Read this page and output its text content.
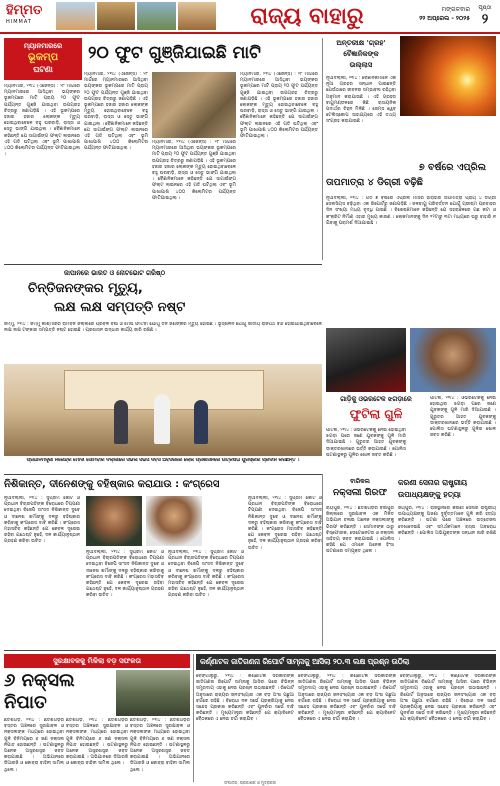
ହିମ୍ମତ
HIMMAT	ରାଜ୍ୟ ବାହାରୁ	ମଙ୍ଗଳବାର
୨୨ ଅପ୍ରେଲ - ୨୦୨୫
ପୃଷ୍ଠା
୨
ମ୍ୟାନମାରରେ
ଭୂକମ୍ପ
ଘଟଣା
୨୦ ଫୁଟ ଗୁଞ୍ଜିଯାଇଛି ମାଟି
ମ୍ୟାନମାର, ୨୧ା୪ (ଏଜେନ୍ସି) : ୨୮ ମାର୍ଚ୍ଚରେ ମ୍ୟାନମାରରେ ଆସିଥିବା ଭୟଙ୍କର ଭୂକମ୍ପରେ ମାଟି ପ୍ରାୟ ୨୦ ଫୁଟ ପର୍ଯ୍ୟନ୍ତ ଗୁଞ୍ଜି ଯାଇଥିବା ଉପଗ୍ରହ ଚିତ୍ରରୁ ଜଣାପଡ଼ିଛି । ଏହି ଭୂକମ୍ପରେ ହଜାର ହଜାର ଲୋକଙ୍କ ମୃତ୍ୟୁ ହୋଇଥିବାବେଳେ ବହୁ ଘରବାଡ଼ି, ରାସ୍ତା ଓ ସେତୁ ଭାଙ୍ଗି ଯାଇଥିଲା । ବୈଜ୍ଞାନିକମାନେ କହିଛନ୍ତି ଯେ ସାଗାଇଁଙ୍ଗ ଫଲ୍ଟ ଲାଇନରେ ଏହି ଗତି ଘଟିଥିଲା ଏବଂ ଭୂମି ପାଖାପାଖି ୪୦୦ କିଲୋମିଟର ପର୍ଯ୍ୟନ୍ତ ଫାଟିଯାଇଥିଲା ।
ମ୍ୟାନମାର, ୨୧ା୪ (ଏଜେନ୍ସି) : ୨୮ ମାର୍ଚ୍ଚରେ ମ୍ୟାନମାରରେ ଆସିଥିବା ଭୟଙ୍କର ଭୂକମ୍ପରେ ମାଟି ପ୍ରାୟ ୨୦ ଫୁଟ ପର୍ଯ୍ୟନ୍ତ ଗୁଞ୍ଜି ଯାଇଥିବା ଉପଗ୍ରହ ଚିତ୍ରରୁ ଜଣାପଡ଼ିଛି । ଏହି ଭୂକମ୍ପରେ ହଜାର ହଜାର ଲୋକଙ୍କ ମୃତ୍ୟୁ ହୋଇଥିବାବେଳେ ବହୁ ଘରବାଡ଼ି, ରାସ୍ତା ଓ ସେତୁ ଭାଙ୍ଗି ଯାଇଥିଲା । ବୈଜ୍ଞାନିକମାନେ କହିଛନ୍ତି ଯେ ସାଗାଇଁଙ୍ଗ ଫଲ୍ଟ ଲାଇନରେ ଏହି ଗତି ଘଟିଥିଲା ଏବଂ ଭୂମି ପାଖାପାଖି ୪୦୦ କିଲୋମିଟର ପର୍ଯ୍ୟନ୍ତ ଫାଟିଯାଇଥିଲା ।
ମ୍ୟାନମାର, ୨୧ା୪ (ଏଜେନ୍ସି) : ୨୮ ମାର୍ଚ୍ଚରେ ମ୍ୟାନମାରରେ ଆସିଥିବା ଭୟଙ୍କର ଭୂକମ୍ପରେ ମାଟି ପ୍ରାୟ ୨୦ ଫୁଟ ପର୍ଯ୍ୟନ୍ତ ଗୁଞ୍ଜି ଯାଇଥିବା ଉପଗ୍ରହ ଚିତ୍ରରୁ ଜଣାପଡ଼ିଛି । ଏହି ଭୂକମ୍ପରେ ହଜାର ହଜାର ଲୋକଙ୍କ ମୃତ୍ୟୁ ହୋଇଥିବାବେଳେ ବହୁ ଘରବାଡ଼ି, ରାସ୍ତା ଓ ସେତୁ ଭାଙ୍ଗି ଯାଇଥିଲା । ବୈଜ୍ଞାନିକମାନେ କହିଛନ୍ତି ଯେ ସାଗାଇଁଙ୍ଗ ଫଲ୍ଟ ଲାଇନରେ ଏହି ଗତି ଘଟିଥିଲା ଏବଂ ଭୂମି ପାଖାପାଖି ୪୦୦ କିଲୋମିଟର ପର୍ଯ୍ୟନ୍ତ ଫାଟିଯାଇଥିଲା ।
ମ୍ୟାନମାର, ୨୧ା୪ (ଏଜେନ୍ସି) : ୨୮ ମାର୍ଚ୍ଚରେ ମ୍ୟାନମାରରେ ଆସିଥିବା ଭୟଙ୍କର ଭୂକମ୍ପରେ ମାଟି ପ୍ରାୟ ୨୦ ଫୁଟ ପର୍ଯ୍ୟନ୍ତ ଗୁଞ୍ଜି ଯାଇଥିବା ଉପଗ୍ରହ ଚିତ୍ରରୁ ଜଣାପଡ଼ିଛି । ଏହି ଭୂକମ୍ପରେ ହଜାର ହଜାର ଲୋକଙ୍କ ମୃତ୍ୟୁ ହୋଇଥିବାବେଳେ ବହୁ ଘରବାଡ଼ି, ରାସ୍ତା ଓ ସେତୁ ଭାଙ୍ଗି ଯାଇଥିଲା । ବୈଜ୍ଞାନିକମାନେ କହିଛନ୍ତି ଯେ ସାଗାଇଁଙ୍ଗ ଫଲ୍ଟ ଲାଇନରେ ଏହି ଗତି ଘଟିଥିଲା ଏବଂ ଭୂମି ପାଖାପାଖି ୪୦୦ କିଲୋମିଟର ପର୍ଯ୍ୟନ୍ତ ଫାଟିଯାଇଥିଲା ।
ଅନ୍ତରୀକ୍ଷ 'ଗ୍ରହ'
ବୈଜ୍ଞାନିକଙ୍କ
ଉଲ୍ଲାସ
ନୂଆଦିଲ୍ଲୀ, ୨୧ା୪ : ବୈଜ୍ଞାନିକମାନେ ଏକ ନୂଆ ଗ୍ରହର ସନ୍ଧାନ ପାଇଛନ୍ତି ଯେଉଁଠାରେ ଜୀବନର ସମ୍ଭାବନା ରହିଥିବା ଅନୁମାନ କରାଯାଉଛି । ଏହି ଗ୍ରହର ବାୟୁମଣ୍ଡଳରେ କିଛି ରାସାୟନିକ ପଦାର୍ଥର ଚିହ୍ନ ମିଳିଛି । ଜେମ୍ସ ୱେବ୍ ଟେଲିସ୍କୋପ ସାହାଯ୍ୟରେ ଏହି ତଥ୍ୟ ସଂଗ୍ରହ କରାଯାଇଛି ।
୭ ବର୍ଷରେ ଏପ୍ରିଲ
ତାପମାତ୍ରା ୪ ଡିଗ୍ରୀ ବଢ଼ିଛି
ନୂଆଦିଲ୍ଲୀ, ୨୧ା୪ : ଗତ ୭ ବର୍ଷରେ ଏପ୍ରିଲ ମାସର ହାରାହାରି ତାପମାତ୍ରା ପ୍ରାୟ ୪ ଡିଗ୍ରୀ ସେଲସିୟସ ବଢ଼ିଥିବା ଏକ ରିପୋର୍ଟରୁ ଜଣାପଡ଼ିଛି । ଜଳବାୟୁ ପରିବର୍ତ୍ତନ ଯୋଗୁଁ ଗ୍ରୀଷ୍ମ ପ୍ରବାହର ଦିନ ସଂଖ୍ୟା ମଧ୍ୟ ବୃଦ୍ଧି ପାଇଛି । ବିଶେଷଜ୍ଞମାନେ କହିଛନ୍ତି ଯେ ସହରାଞ୍ଚଳରେ ଗଛ କଟା ଓ କଂକ୍ରିଟ ନିର୍ମାଣ ଏହାର ମୁଖ୍ୟ କାରଣ । ଲୋକମାନଙ୍କୁ ଦିନ ୧୨ଟାରୁ ୩ଟା ମଧ୍ୟରେ ଘରୁ ବାହାରି ନ ଯିବାକୁ ପରାମର୍ଶ ଦିଆଯାଇଛି ।
ଜାପାନରେ ଭାରତ ଓ ନୋଟଭୋଟ ଗରିଷ୍ଠ
ଚିନ୍ତିଜନଙ୍କର ମୃତ୍ୟୁ,
ଲକ୍ଷ ଲକ୍ଷ ସମ୍ପତ୍ତି ନଷ୍ଟ
ଜମ୍ମୁ, ୨୧ା୪ : ଜମ୍ମୁ କାଶ୍ମୀରର ରାମବନ ଜିଲ୍ଲାରେ ପ୍ରବଳ ବର୍ଷା ଓ ମେଘ ଫାଟିବା ଯୋଗୁଁ ତିନି ଜଣଙ୍କର ମୃତ୍ୟୁ ହୋଇଛି । ଭୂସ୍ଖଳନ ଯୋଗୁଁ ଜାତୀୟ ରାଜପଥ ବନ୍ଦ ହୋଇଯାଇଥିବାବେଳେ ଲକ୍ଷ ଲକ୍ଷ ଟଙ୍କାର ସମ୍ପତ୍ତି ନଷ୍ଟ ହୋଇଛି । ପ୍ରଶାସନ ଉଦ୍ଧାର କାର୍ଯ୍ୟ ଜାରି ରଖିଛି ।
ପ୍ରଧାନମନ୍ତ୍ରୀ ନରେନ୍ଦ୍ର ମୋଦୀ ସୋମବାର ଦିଲ୍ଲୀରେ ସିଭିଲ ସର୍ଭିସ ଦିବସ ଅବସରରେ ଲୋକ ପ୍ରଶାସନରେ ଉତ୍କର୍ଷତା ପୁରସ୍କାର ପ୍ରଦାନ କରିଛନ୍ତି ।
ନିଶିକାନ୍ତ, ଦୀନେଶଙ୍କୁ ବହିଷ୍କାର କରାଯାଉ : କଂଗ୍ରେସ
ନୂଆଦିଲ୍ଲୀ, ୨୧ା୪ : ସୁପ୍ରିମ କୋର୍ଟ ଓ ପ୍ରଧାନ ବିଚାରପତିଙ୍କ ବିରୋଧରେ ଟିପ୍ପଣୀ ଦେଇଥିବା ବିଜେପି ସାଂସଦ ନିଶିକାନ୍ତ ଦୁବେ ଓ ଦୀନେଶ ଶର୍ମାଙ୍କୁ ଦଳରୁ ବହିଷ୍କାର କରିବାକୁ କଂଗ୍ରେସ ଦାବି କରିଛି । କଂଗ୍ରେସ ମହାସଚିବ କହିଛନ୍ତି ଯେ କେବଳ ଦୂରେଇ ରହିବା ଯଥେଷ୍ଟ ନୁହେଁ, ଦଳ କାର୍ଯ୍ୟାନୁଷ୍ଠାନ ଗ୍ରହଣ କରିବା ଉଚିତ ।
ନୂଆଦିଲ୍ଲୀ, ୨୧ା୪ : ସୁପ୍ରିମ କୋର୍ଟ ଓ ପ୍ରଧାନ ବିଚାରପତିଙ୍କ ବିରୋଧରେ ଟିପ୍ପଣୀ ଦେଇଥିବା ବିଜେପି ସାଂସଦ ନିଶିକାନ୍ତ ଦୁବେ ଓ ଦୀନେଶ ଶର୍ମାଙ୍କୁ ଦଳରୁ ବହିଷ୍କାର କରିବାକୁ କଂଗ୍ରେସ ଦାବି କରିଛି । କଂଗ୍ରେସ ମହାସଚିବ କହିଛନ୍ତି ଯେ କେବଳ ଦୂରେଇ ରହିବା ଯଥେଷ୍ଟ ନୁହେଁ, ଦଳ କାର୍ଯ୍ୟାନୁଷ୍ଠାନ ଗ୍ରହଣ କରିବା ଉଚିତ ।
ନୂଆଦିଲ୍ଲୀ, ୨୧ା୪ : ସୁପ୍ରିମ କୋର୍ଟ ଓ ପ୍ରଧାନ ବିଚାରପତିଙ୍କ ବିରୋଧରେ ଟିପ୍ପଣୀ ଦେଇଥିବା ବିଜେପି ସାଂସଦ ନିଶିକାନ୍ତ ଦୁବେ ଓ ଦୀନେଶ ଶର୍ମାଙ୍କୁ ଦଳରୁ ବହିଷ୍କାର କରିବାକୁ କଂଗ୍ରେସ ଦାବି କରିଛି । କଂଗ୍ରେସ ମହାସଚିବ କହିଛନ୍ତି ଯେ କେବଳ ଦୂରେଇ ରହିବା ଯଥେଷ୍ଟ ନୁହେଁ, ଦଳ କାର୍ଯ୍ୟାନୁଷ୍ଠାନ ଗ୍ରହଣ କରିବା ଉଚିତ ।
ନୂଆଦିଲ୍ଲୀ, ୨୧ା୪ : ସୁପ୍ରିମ କୋର୍ଟ ଓ ପ୍ରଧାନ ବିଚାରପତିଙ୍କ ବିରୋଧରେ ଟିପ୍ପଣୀ ଦେଇଥିବା ବିଜେପି ସାଂସଦ ନିଶିକାନ୍ତ ଦୁବେ ଓ ଦୀନେଶ ଶର୍ମାଙ୍କୁ ଦଳରୁ ବହିଷ୍କାର କରିବାକୁ କଂଗ୍ରେସ ଦାବି କରିଛି । କଂଗ୍ରେସ ମହାସଚିବ କହିଛନ୍ତି ଯେ କେବଳ ଦୂରେଇ ରହିବା ଯଥେଷ୍ଟ ନୁହେଁ, ଦଳ କାର୍ଯ୍ୟାନୁଷ୍ଠାନ ଗ୍ରହଣ କରିବା ଉଚିତ ।
ବାରିକଲ
ନକ୍ସଲୀ ଗିରଫ
ରାୟପୁର, ୨୧ା୪ : ଛତିଶଗଡ଼ର ବିଜାପୁର ଜିଲ୍ଲାରେ ସୁରକ୍ଷାବଳ ଏକ ମିଳିତ ଅଭିଯାନ ଚଳାଇ ଅନେକ ନକ୍ସଲୀଙ୍କୁ ଗିରଫ କରିଛନ୍ତି । ସେମାନଙ୍କ ଠାରୁ ବିସ୍ଫୋରକ, ଡେଟୋନେଟର ଓ ନକ୍ସଲ ସାହିତ୍ୟ ଜବତ କରାଯାଇଛି । ପୋଲିସ କହିଛି ଯେ ଏମାନେ ଅନେକ ହିଂସା ଘଟଣାରେ ସମ୍ପୃକ୍ତ ଥିଲେ ।
କରଣୀ ସେନାର ରାଷ୍ଟ୍ରୀୟ ଉପାଧ୍ୟକ୍ଷଙ୍କୁ ହତ୍ୟା
ଜୟପୁର, ୨୧ା୪ : ରାଜସ୍ଥାନରେ କରଣୀ ସେନାର ରାଷ୍ଟ୍ରୀୟ ଉପାଧ୍ୟକ୍ଷଙ୍କୁ ଅଜଣା ଦୁର୍ବୃତ୍ତମାନେ ଗୁଳି କରି ହତ୍ୟା କରିଛନ୍ତି । ଘଟଣା ପରେ ଅଞ୍ଚଳରେ ଉତ୍ତେଜନା ଦେଖାଦେଇଛି ଏବଂ ସମର୍ଥକମାନେ ରାସ୍ତା ଅବରୋଧ କରିଛନ୍ତି । ପୋଲିସ ଅଭିଯୁକ୍ତଙ୍କ ସନ୍ଧାନ ଜାରି ରଖିଛି ।
ଗାଡ଼ିକୁ ଓଭରଟେକ ଝଗଡ଼ାରେ
ଫୁଟିଲା ଗୁଳି
ପାଟନା, ୨୧ା୪ : ଓଭରଟେକକୁ ନେଇ ହୋଇଥିବା ଝଗଡ଼ା ପରେ ଜଣେ ଯୁବକଙ୍କୁ ଗୁଳି ମାରି ଦିଆଯାଇଛି । ଗୁରୁତର ଆହତ ଯୁବକଙ୍କୁ ଡାକ୍ତରଖାନାରେ ଭର୍ତ୍ତି କରାଯାଇଛି । ପୋଲିସ ଘଟଣାସ୍ଥଳରୁ ଗୁଳିର ଖୋଳ ଜବତ କରିଛି ।
ପାଟନା, ୨୧ା୪ : ଓଭରଟେକକୁ ନେଇ ହୋଇଥିବା ଝଗଡ଼ା ପରେ ଜଣେ ଯୁବକଙ୍କୁ ଗୁଳି ମାରି ଦିଆଯାଇଛି । ଗୁରୁତର ଆହତ ଯୁବକଙ୍କୁ ଡାକ୍ତରଖାନାରେ ଭର୍ତ୍ତି କରାଯାଇଛି । ପୋଲିସ ଘଟଣାସ୍ଥଳରୁ ଗୁଳିର ଖୋଳ ଜବତ କରିଛି ।
ସୁରକ୍ଷାବଳକୁ ମିଳିଲା ବଡ଼ ସଫଳତା
୬ ନକ୍ସଲ
ନିପାତ
ଛତିଶଗଡ଼, ୨୧ା୪ : ଛତିଶଗଡ଼ର ବସ୍ତର ଅଞ୍ଚଳରେ ସୁରକ୍ଷାବଳ ଓ ନକ୍ସଲଙ୍କ ମଧ୍ୟରେ ହୋଇଥିବା ଗୁଳି ବିନିମୟରେ ୬ ଜଣ ନକ୍ସଲ ନିପାତ ହୋଇଛନ୍ତି । ଘଟଣାସ୍ଥଳରୁ ଅନେକ ଅସ୍ତ୍ରଶସ୍ତ୍ର ଜବତ କରାଯାଇଛି । ଅଭିଯାନରେ ଡିଆରଜି ଓ କୋବ୍ରା ବାହିନୀ ସାମିଲ ଥିଲେ ।
ଛତିଶଗଡ଼, ୨୧ା୪ : ଛତିଶଗଡ଼ର ବସ୍ତର ଅଞ୍ଚଳରେ ସୁରକ୍ଷାବଳ ଓ ନକ୍ସଲଙ୍କ ମଧ୍ୟରେ ହୋଇଥିବା ଗୁଳି ବିନିମୟରେ ୬ ଜଣ ନକ୍ସଲ ନିପାତ ହୋଇଛନ୍ତି । ଘଟଣାସ୍ଥଳରୁ ଅନେକ ଅସ୍ତ୍ରଶସ୍ତ୍ର ଜବତ କରାଯାଇଛି । ଅଭିଯାନରେ ଡିଆରଜି ଓ କୋବ୍ରା ବାହିନୀ ସାମିଲ ଥିଲେ ।
ଛତିଶଗଡ଼, ୨୧ା୪ : ଛତିଶଗଡ଼ର ବସ୍ତର ଅଞ୍ଚଳରେ ସୁରକ୍ଷାବଳ ଓ ନକ୍ସଲଙ୍କ ମଧ୍ୟରେ ହୋଇଥିବା ଗୁଳି ବିନିମୟରେ ୬ ଜଣ ନକ୍ସଲ ନିପାତ ହୋଇଛନ୍ତି । ଘଟଣାସ୍ଥଳରୁ ଅନେକ ଅସ୍ତ୍ରଶସ୍ତ୍ର ଜବତ କରାଯାଇଛି । ଅଭିଯାନରେ ଡିଆରଜି ଓ କୋବ୍ରା ବାହିନୀ ସାମିଲ ଥିଲେ ।
କର୍ଣ୍ଣାଟକ ଜାତିଗଣନା ରିପୋର୍ଟ ସାମ୍ନାକୁ ଆସିଲା ୨୦.୩ ଲକ୍ଷ ପ୍ରଶ୍ନ ଉଠିଲା
ବେଙ୍ଗାଲୁରୁ, ୨୧ା୪ : କର୍ଣ୍ଣାଟକ ସରକାରଙ୍କ ଜାତିଗଣନା ରିପୋର୍ଟ ସାମ୍ନାକୁ ଆସିବା ପରେ ବିଭିନ୍ନ ସମ୍ପ୍ରଦାୟ ଏହାକୁ ନେଇ ପ୍ରଶ୍ନ ଉଠାଇଛନ୍ତି । ରିପୋର୍ଟ ଅନୁସାରେ ରାଜ୍ୟର ଜନସଂଖ୍ୟାର ଏକ ବଡ଼ ଅଂଶ ପଛୁଆ ବର୍ଗରେ ରହିଛି । ବିରୋଧୀ ଦଳ ସର୍ଭେ ପ୍ରକ୍ରିୟାକୁ ନେଇ ସନ୍ଦେହ ପ୍ରକାଶ କରିଛନ୍ତି ଏବଂ ପୁନର୍ବାର ସର୍ଭେ ଦାବି କରିଛନ୍ତି । ମୁଖ୍ୟମନ୍ତ୍ରୀ କହିଛନ୍ତି ଯେ କ୍ୟାବିନେଟ ବୈଠକରେ ଏ ନେଇ ଚର୍ଚ୍ଚା କରାଯିବ ।
ବେଙ୍ଗାଲୁରୁ, ୨୧ା୪ : କର୍ଣ୍ଣାଟକ ସରକାରଙ୍କ ଜାତିଗଣନା ରିପୋର୍ଟ ସାମ୍ନାକୁ ଆସିବା ପରେ ବିଭିନ୍ନ ସମ୍ପ୍ରଦାୟ ଏହାକୁ ନେଇ ପ୍ରଶ୍ନ ଉଠାଇଛନ୍ତି । ରିପୋର୍ଟ ଅନୁସାରେ ରାଜ୍ୟର ଜନସଂଖ୍ୟାର ଏକ ବଡ଼ ଅଂଶ ପଛୁଆ ବର୍ଗରେ ରହିଛି । ବିରୋଧୀ ଦଳ ସର୍ଭେ ପ୍ରକ୍ରିୟାକୁ ନେଇ ସନ୍ଦେହ ପ୍ରକାଶ କରିଛନ୍ତି ଏବଂ ପୁନର୍ବାର ସର୍ଭେ ଦାବି କରିଛନ୍ତି । ମୁଖ୍ୟମନ୍ତ୍ରୀ କହିଛନ୍ତି ଯେ କ୍ୟାବିନେଟ ବୈଠକରେ ଏ ନେଇ ଚର୍ଚ୍ଚା କରାଯିବ ।
ବେଙ୍ଗାଲୁରୁ, ୨୧ା୪ : କର୍ଣ୍ଣାଟକ ସରକାରଙ୍କ ଜାତିଗଣନା ରିପୋର୍ଟ ସାମ୍ନାକୁ ଆସିବା ପରେ ବିଭିନ୍ନ ସମ୍ପ୍ରଦାୟ ଏହାକୁ ନେଇ ପ୍ରଶ୍ନ ଉଠାଇଛନ୍ତି । ରିପୋର୍ଟ ଅନୁସାରେ ରାଜ୍ୟର ଜନସଂଖ୍ୟାର ଏକ ବଡ଼ ଅଂଶ ପଛୁଆ ବର୍ଗରେ ରହିଛି । ବିରୋଧୀ ଦଳ ସର୍ଭେ ପ୍ରକ୍ରିୟାକୁ ନେଇ ସନ୍ଦେହ ପ୍ରକାଶ କରିଛନ୍ତି ଏବଂ ପୁନର୍ବାର ସର୍ଭେ ଦାବି କରିଛନ୍ତି । ମୁଖ୍ୟମନ୍ତ୍ରୀ କହିଛନ୍ତି ଯେ କ୍ୟାବିନେଟ ବୈଠକରେ ଏ ନେଇ ଚର୍ଚ୍ଚା କରାଯିବ ।
ସଂପାଦକ, ପ୍ରକାଶକ ଓ ମୁଦ୍ରାକର
